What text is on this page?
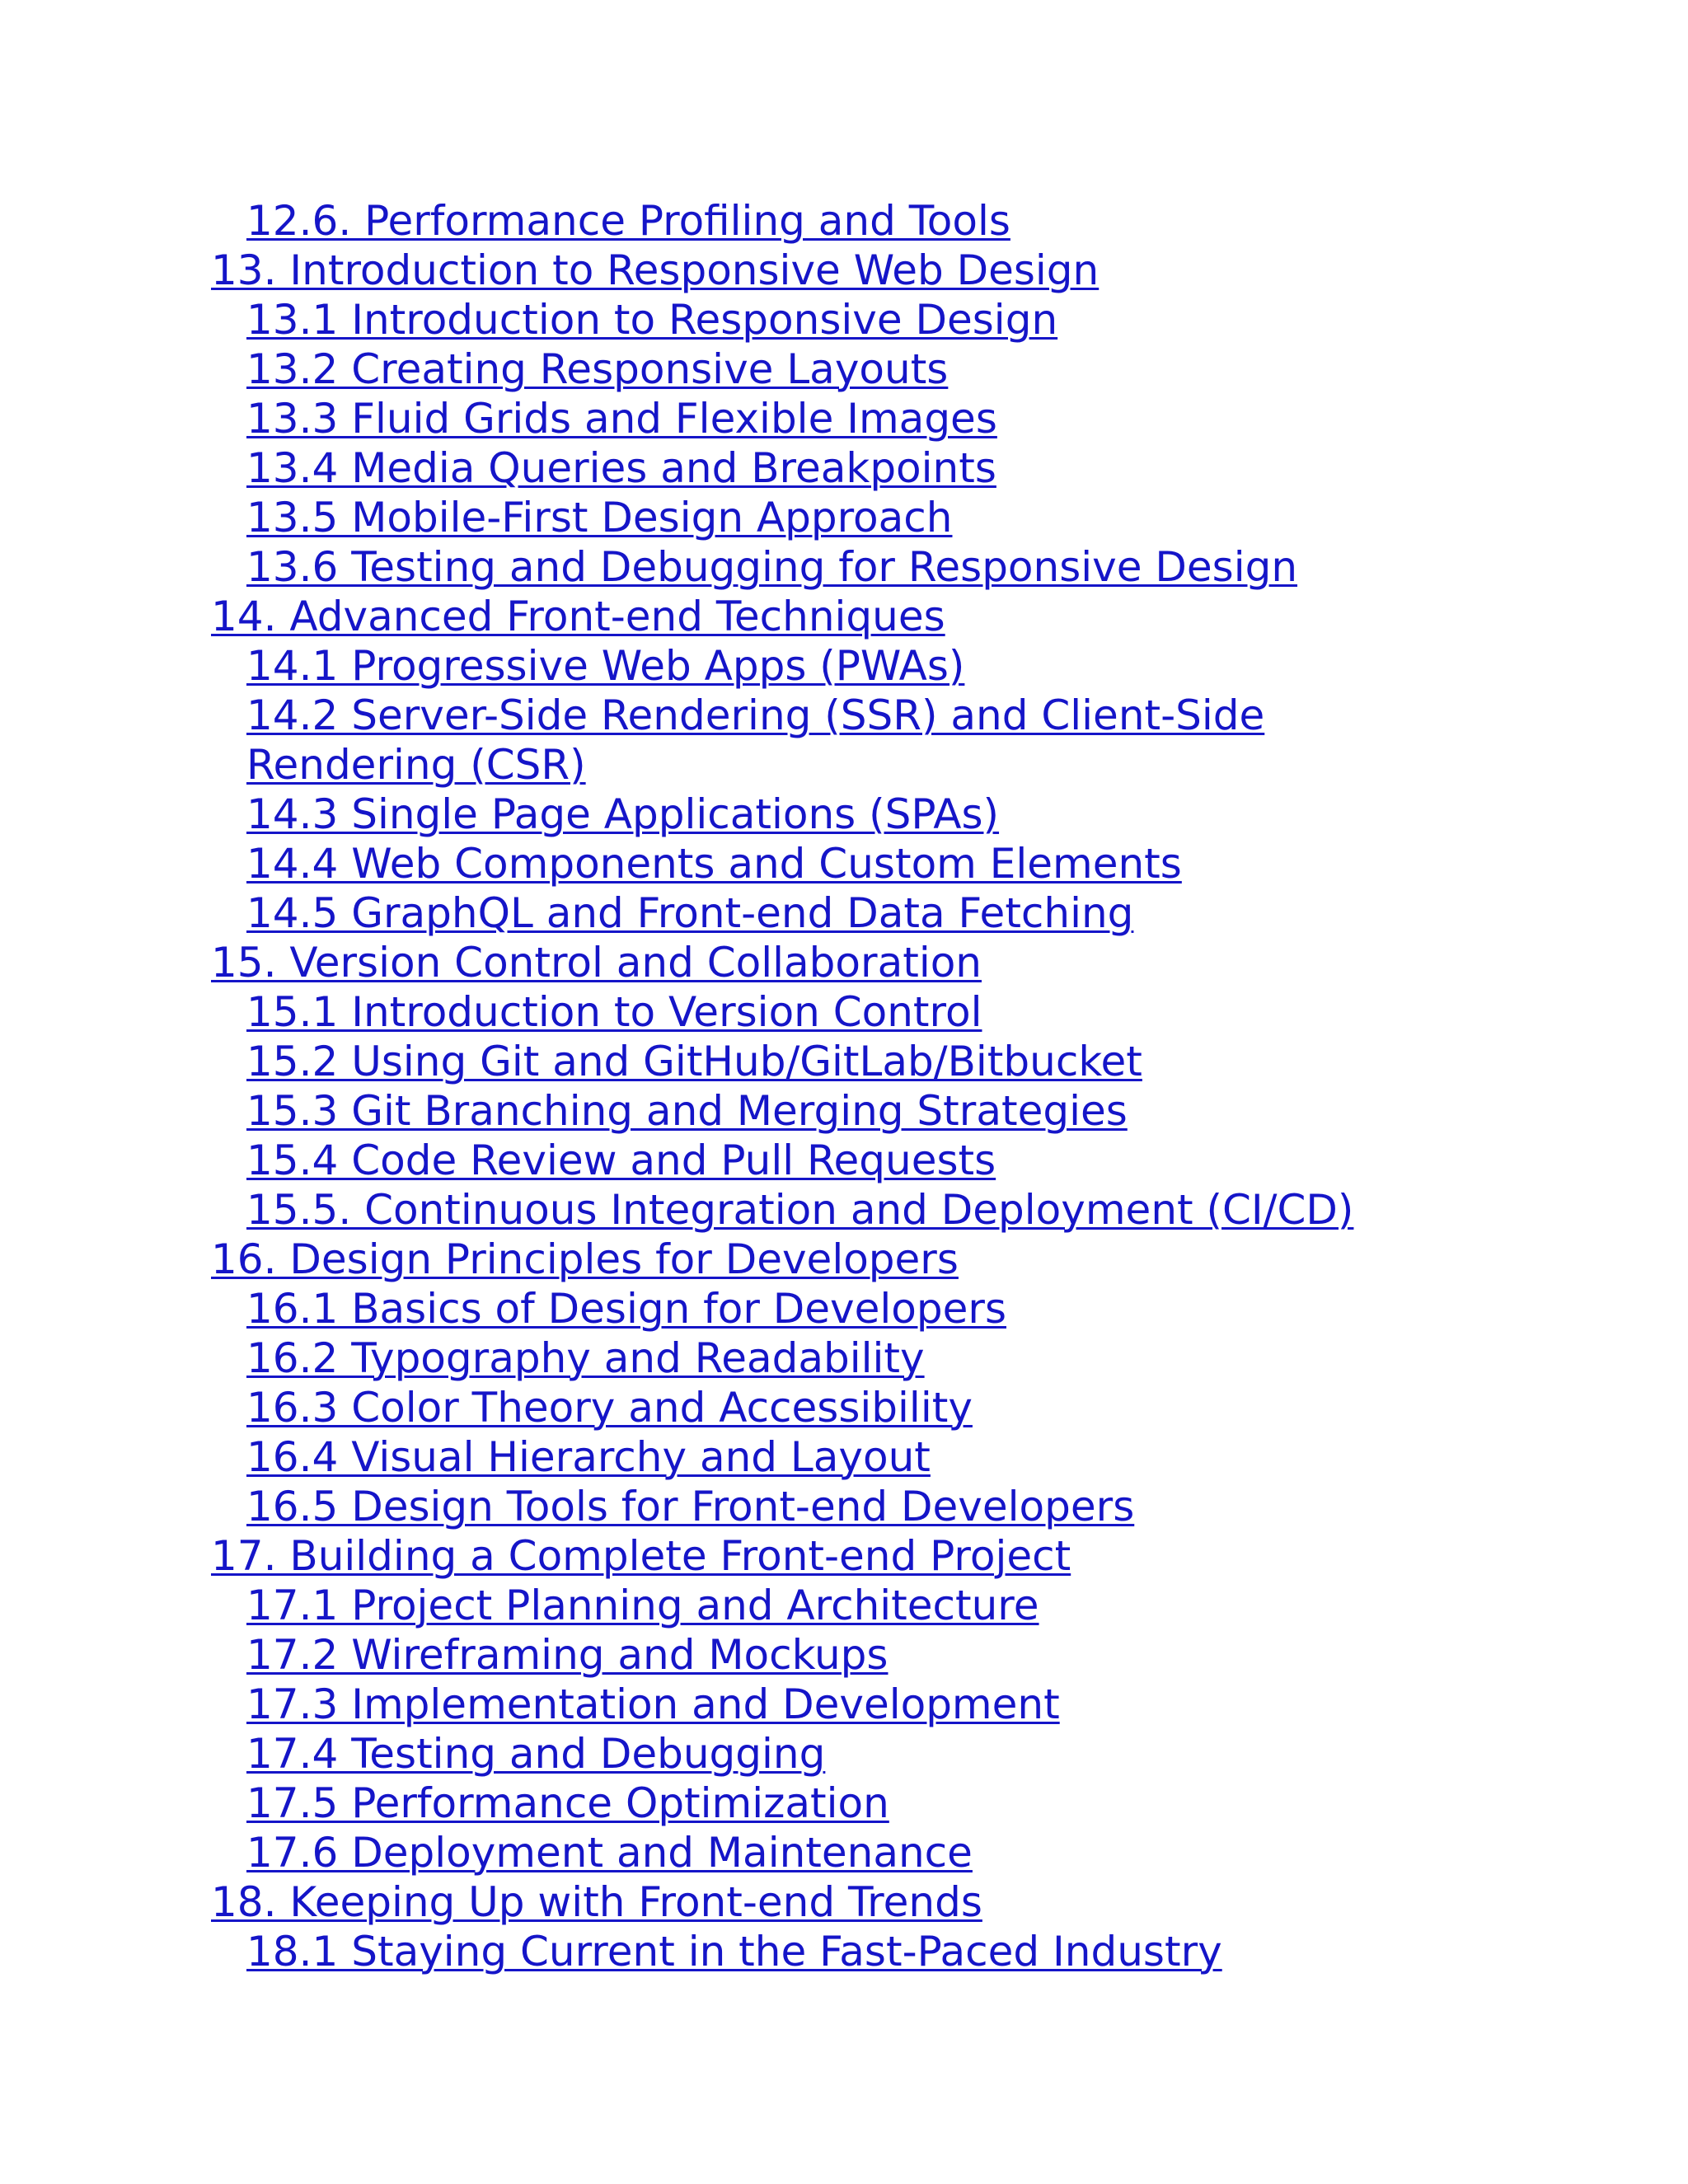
12.6. Performance Profiling and Tools
13. Introduction to Responsive Web Design
13.1 Introduction to Responsive Design
13.2 Creating Responsive Layouts
13.3 Fluid Grids and Flexible Images
13.4 Media Queries and Breakpoints
13.5 Mobile-First Design Approach
13.6 Testing and Debugging for Responsive Design
14. Advanced Front-end Techniques
14.1 Progressive Web Apps (PWAs)
14.2 Server-Side Rendering (SSR) and Client-Side Rendering (CSR)
14.3 Single Page Applications (SPAs)
14.4 Web Components and Custom Elements
14.5 GraphQL and Front-end Data Fetching
15. Version Control and Collaboration
15.1 Introduction to Version Control
15.2 Using Git and GitHub/GitLab/Bitbucket
15.3 Git Branching and Merging Strategies
15.4 Code Review and Pull Requests
15.5. Continuous Integration and Deployment (CI/CD)
16. Design Principles for Developers
16.1 Basics of Design for Developers
16.2 Typography and Readability
16.3 Color Theory and Accessibility
16.4 Visual Hierarchy and Layout
16.5 Design Tools for Front-end Developers
17. Building a Complete Front-end Project
17.1 Project Planning and Architecture
17.2 Wireframing and Mockups
17.3 Implementation and Development
17.4 Testing and Debugging
17.5 Performance Optimization
17.6 Deployment and Maintenance
18. Keeping Up with Front-end Trends
18.1 Staying Current in the Fast-Paced Industry
